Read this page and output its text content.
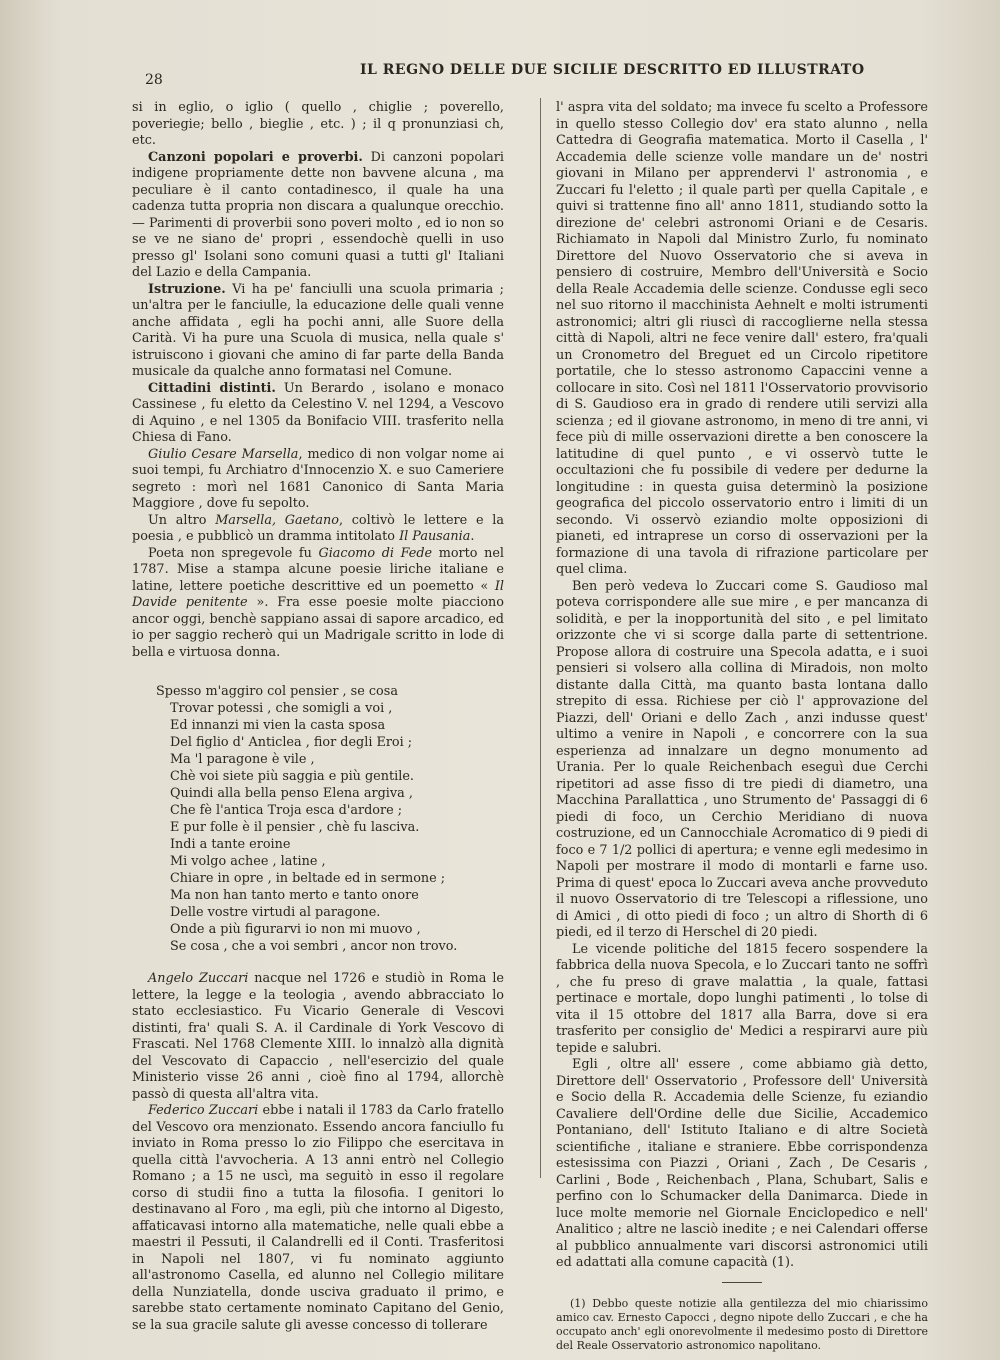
28
IL REGNO DELLE DUE SICILIE DESCRITTO ED ILLUSTRATO

si in eglio, o iglio ( quello , chiglie ; poverello, poveriegie; bello , bieglie , etc. ) ; il q pronunziasi ch, etc.

Canzoni popolari e proverbi. Di canzoni popolari indigene propriamente dette non bavvene alcuna , ma peculiare è il canto contadinesco, il quale ha una cadenza tutta propria non discara a qualunque orecchio. — Parimenti di proverbii sono poveri molto , ed io non so se ve ne siano de' propri , essendochè quelli in uso presso gl' Isolani sono comuni quasi a tutti gl' Italiani del Lazio e della Campania.

Istruzione. Vi ha pe' fanciulli una scuola primaria ; un'altra per le fanciulle, la educazione delle quali venne anche affidata , egli ha pochi anni, alle Suore della Carità. Vi ha pure una Scuola di musica, nella quale s' istruiscono i giovani che amino di far parte della Banda musicale da qualche anno formatasi nel Comune.

Cittadini distinti. Un Berardo , isolano e monaco Cassinese , fu eletto da Celestino V. nel 1294, a Vescovo di Aquino , e nel 1305 da Bonifacio VIII. trasferito nella Chiesa di Fano.

Giulio Cesare Marsella, medico di non volgar nome ai suoi tempi, fu Archiatro d'Innocenzio X. e suo Cameriere segreto : morì nel 1681 Canonico di Santa Maria Maggiore , dove fu sepolto.

Un altro Marsella, Gaetano, coltivò le lettere e la poesia , e pubblicò un dramma intitolato Il Pausania.

Poeta non spregevole fu Giacomo di Fede morto nel 1787. Mise a stampa alcune poesie liriche italiane e latine, lettere poetiche descrittive ed un poemetto « Il Davide penitente ». Fra esse poesie molte piacciono ancor oggi, benchè sappiano assai di sapore arcadico, ed io per saggio recherò qui un Madrigale scritto in lode di bella e virtuosa donna.

Spesso m'aggiro col pensier , se cosa
Trovar potessi , che somigli a voi ,
Ed innanzi mi vien la casta sposa
Del figlio d' Anticlea , fior degli Eroi ;
Ma 'l paragone è vile ,
Chè voi siete più saggia e più gentile.
Quindi alla bella penso Elena argiva ,
Che fè l'antica Troja esca d'ardore ;
E pur folle è il pensier , chè fu lasciva.
Indi a tante eroine
Mi volgo achee , latine ,
Chiare in opre , in beltade ed in sermone ;
Ma non han tanto merto e tanto onore
Delle vostre virtudi al paragone.
Onde a più figurarvi io non mi muovo ,
Se cosa , che a voi sembri , ancor non trovo.

Angelo Zuccari nacque nel 1726 e studiò in Roma le lettere, la legge e la teologia , avendo abbracciato lo stato ecclesiastico. Fu Vicario Generale di Vescovi distinti, fra' quali S. A. il Cardinale di York Vescovo di Frascati. Nel 1768 Clemente XIII. lo innalzò alla dignità del Vescovato di Capaccio , nell'esercizio del quale Ministerio visse 26 anni , cioè fino al 1794, allorchè passò di questa all'altra vita.

Federico Zuccari ebbe i natali il 1783 da Carlo fratello del Vescovo ora menzionato. Essendo ancora fanciullo fu inviato in Roma presso lo zio Filippo che esercitava in quella città l'avvocheria. A 13 anni entrò nel Collegio Romano ; a 15 ne uscì, ma seguitò in esso il regolare corso di studii fino a tutta la filosofia. I genitori lo destinavano al Foro , ma egli, più che intorno al Digesto, affaticavasi intorno alla matematiche, nelle quali ebbe a maestri il Pessuti, il Calandrelli ed il Conti. Trasferitosi in Napoli nel 1807, vi fu nominato aggiunto all'astronomo Casella, ed alunno nel Collegio militare della Nunziatella, donde usciva graduato il primo, e sarebbe stato certamente nominato Capitano del Genio, se la sua gracile salute gli avesse concesso di tollerare

l' aspra vita del soldato; ma invece fu scelto a Professore in quello stesso Collegio dov' era stato alunno , nella Cattedra di Geografia matematica. Morto il Casella , l' Accademia delle scienze volle mandare un de' nostri giovani in Milano per apprendervi l' astronomia , e Zuccari fu l'eletto ; il quale partì per quella Capitale , e quivi si trattenne fino all' anno 1811, studiando sotto la direzione de' celebri astronomi Oriani e de Cesaris. Richiamato in Napoli dal Ministro Zurlo, fu nominato Direttore del Nuovo Osservatorio che si aveva in pensiero di costruire, Membro dell'Università e Socio della Reale Accademia delle scienze. Condusse egli seco nel suo ritorno il macchinista Aehnelt e molti istrumenti astronomici; altri gli riuscì di raccoglierne nella stessa città di Napoli, altri ne fece venire dall' estero, fra'quali un Cronometro del Breguet ed un Circolo ripetitore portatile, che lo stesso astronomo Capaccini venne a collocare in sito. Così nel 1811 l'Osservatorio provvisorio di S. Gaudioso era in grado di rendere utili servizi alla scienza ; ed il giovane astronomo, in meno di tre anni, vi fece più di mille osservazioni dirette a ben conoscere la latitudine di quel punto , e vi osservò tutte le occultazioni che fu possibile di vedere per dedurne la longitudine : in questa guisa determinò la posizione geografica del piccolo osservatorio entro i limiti di un secondo. Vi osservò eziandio molte opposizioni di pianeti, ed intraprese un corso di osservazioni per la formazione di una tavola di rifrazione particolare per quel clima.

Ben però vedeva lo Zuccari come S. Gaudioso mal poteva corrispondere alle sue mire , e per mancanza di solidità, e per la inopportunità del sito , e pel limitato orizzonte che vi si scorge dalla parte di settentrione. Propose allora di costruire una Specola adatta, e i suoi pensieri si volsero alla collina di Miradois, non molto distante dalla Città, ma quanto basta lontana dallo strepito di essa. Richiese per ciò l' approvazione del Piazzi, dell' Oriani e dello Zach , anzi indusse quest' ultimo a venire in Napoli , e concorrere con la sua esperienza ad innalzare un degno monumento ad Urania. Per lo quale Reichenbach eseguì due Cerchi ripetitori ad asse fisso di tre piedi di diametro, una Macchina Parallattica , uno Strumento de' Passaggi di 6 piedi di foco, un Cerchio Meridiano di nuova costruzione, ed un Cannocchiale Acromatico di 9 piedi di foco e 7 1/2 pollici di apertura; e venne egli medesimo in Napoli per mostrare il modo di montarli e farne uso. Prima di quest' epoca lo Zuccari aveva anche provveduto il nuovo Osservatorio di tre Telescopi a riflessione, uno di Amici , di otto piedi di foco ; un altro di Shorth di 6 piedi, ed il terzo di Herschel di 20 piedi.

Le vicende politiche del 1815 fecero sospendere la fabbrica della nuova Specola, e lo Zuccari tanto ne soffrì , che fu preso di grave malattia , la quale, fattasi pertinace e mortale, dopo lunghi patimenti , lo tolse di vita il 15 ottobre del 1817 alla Barra, dove si era trasferito per consiglio de' Medici a respirarvi aure più tepide e salubri.

Egli , oltre all' essere , come abbiamo già detto, Direttore dell' Osservatorio , Professore dell' Università e Socio della R. Accademia delle Scienze, fu eziandio Cavaliere dell'Ordine delle due Sicilie, Accademico Pontaniano, dell' Istituto Italiano e di altre Società scientifiche , italiane e straniere. Ebbe corrispondenza estesissima con Piazzi , Oriani , Zach , De Cesaris , Carlini , Bode , Reichenbach , Plana, Schubart, Salis e perfino con lo Schumacker della Danimarca. Diede in luce molte memorie nel Giornale Enciclopedico e nell' Analitico ; altre ne lasciò inedite ; e nei Calendari offerse al pubblico annualmente vari discorsi astronomici utili ed adattati alla comune capacità (1).

(1) Debbo queste notizie alla gentilezza del mio chiarissimo amico cav. Ernesto Capocci , degno nipote dello Zuccari , e che ha occupato anch' egli onorevolmente il medesimo posto di Direttore del Reale Osservatorio astronomico napolitano.
